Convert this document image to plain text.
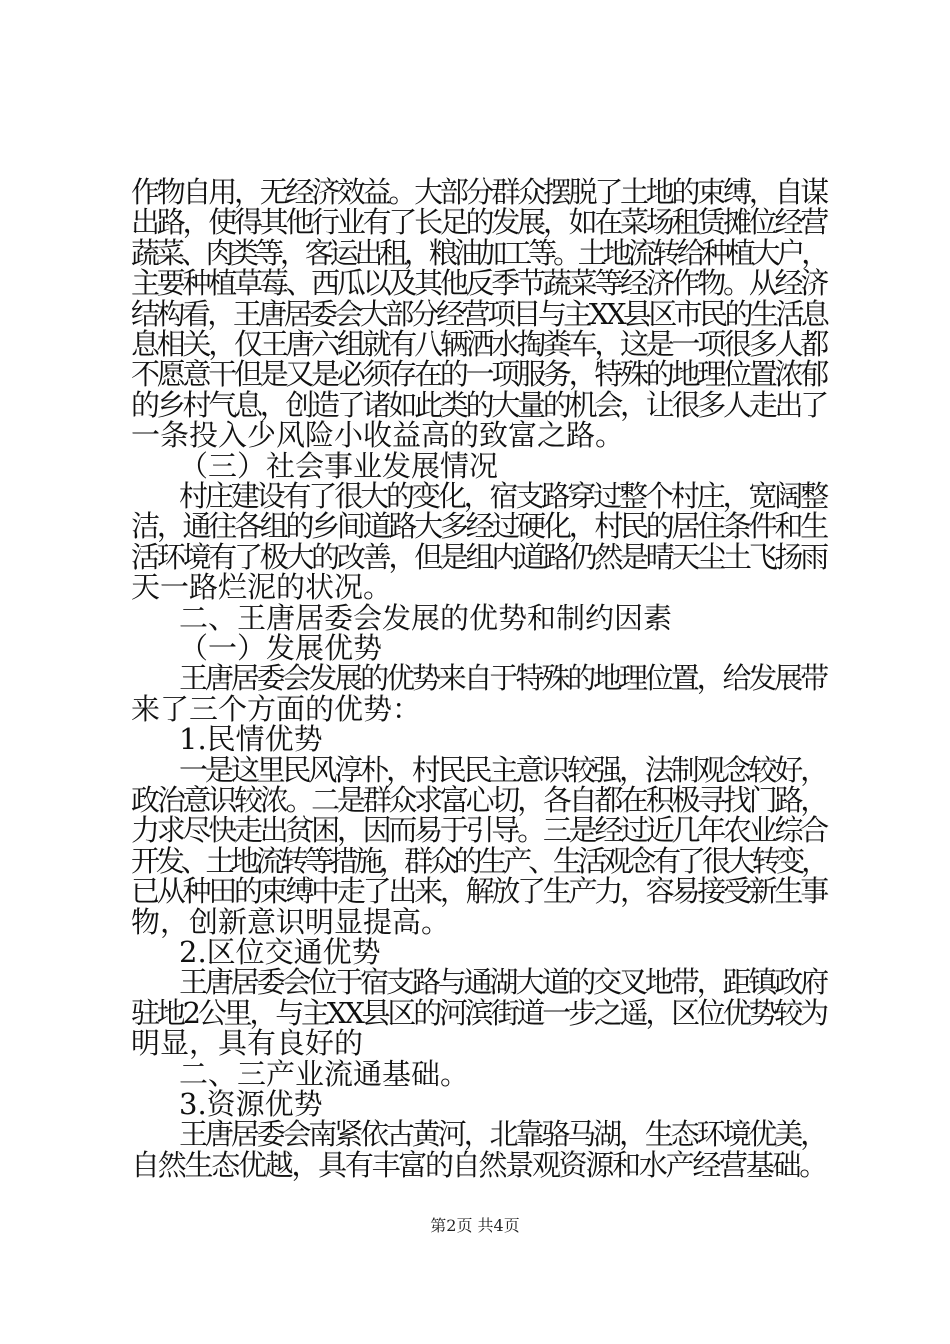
作物自用，无经济效益。大部分群众摆脱了土地的束缚，自谋
出路，使得其他行业有了长足的发展，如在菜场租赁摊位经营
蔬菜、肉类等，客运出租，粮油加工等。土地流转给种植大户，
主要种植草莓、西瓜以及其他反季节蔬菜等经济作物。从经济
结构看，王唐居委会大部分经营项目与主XX县区市民的生活息
息相关，仅王唐六组就有八辆洒水掏粪车，这是一项很多人都
不愿意干但是又是必须存在的一项服务，特殊的地理位置浓郁
的乡村气息，创造了诸如此类的大量的机会，让很多人走出了
一条投入少风险小收益高的致富之路。
（三）社会事业发展情况
村庄建设有了很大的变化，宿支路穿过整个村庄，宽阔整
洁，通往各组的乡间道路大多经过硬化，村民的居住条件和生
活环境有了极大的改善，但是组内道路仍然是晴天尘土飞扬雨
天一路烂泥的状况。
二、王唐居委会发展的优势和制约因素
（一）发展优势
王唐居委会发展的优势来自于特殊的地理位置，给发展带
来了三个方面的优势：
1.民情优势
一是这里民风淳朴，村民民主意识较强，法制观念较好，
政治意识较浓。二是群众求富心切，各自都在积极寻找门路，
力求尽快走出贫困，因而易于引导。三是经过近几年农业综合
开发、土地流转等措施，群众的生产、生活观念有了很大转变，
已从种田的束缚中走了出来，解放了生产力，容易接受新生事
物，创新意识明显提高。
2.区位交通优势
王唐居委会位于宿支路与通湖大道的交叉地带，距镇政府
驻地2公里，与主XX县区的河滨街道一步之遥，区位优势较为
明显，具有良好的
二、三产业流通基础。
3.资源优势
王唐居委会南紧依古黄河，北靠骆马湖，生态环境优美，
自然生态优越，具有丰富的自然景观资源和水产经营基础。
第2页 共4页
